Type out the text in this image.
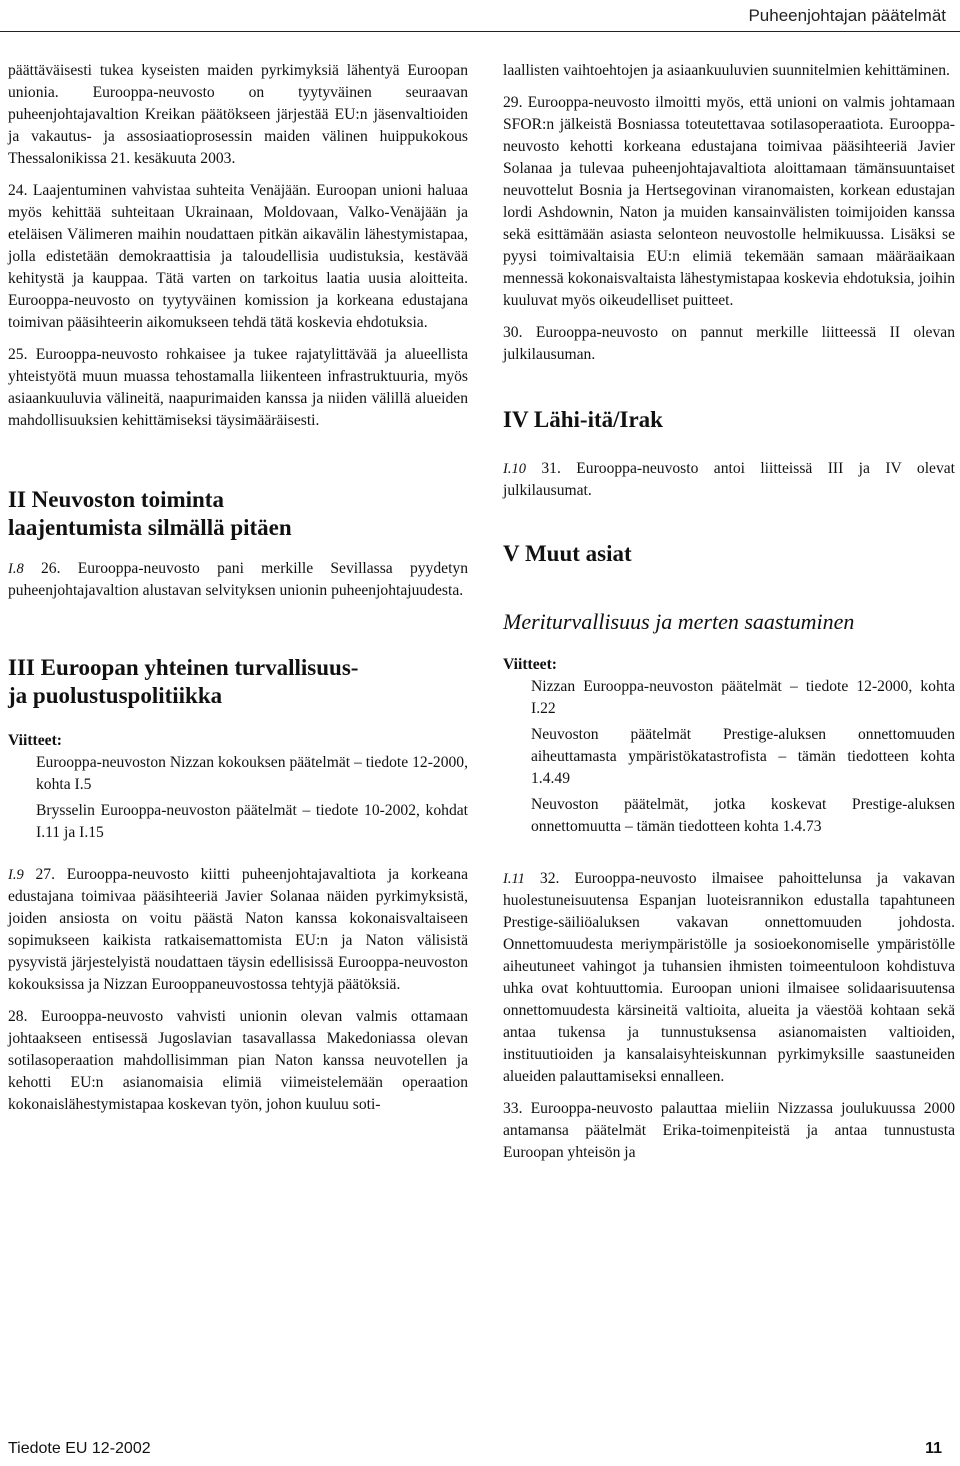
Puheenjohtajan päätelmät

päättäväisesti tukea kyseisten maiden pyrkimyksiä lähentyä Euroopan unionia. Eurooppa-neuvosto on tyytyväinen seuraavan puheenjohtajavaltion Kreikan päätökseen järjestää EU:n jäsenvaltioiden ja vakautus- ja assosiaatioprosessin maiden välinen huippukokous Thessalonikissa 21. kesäkuuta 2003.

24. Laajentuminen vahvistaa suhteita Venäjään. Euroopan unioni haluaa myös kehittää suhteitaan Ukrainaan, Moldovaan, Valko-Venäjään ja eteläisen Välimeren maihin noudattaen pitkän aikavälin lähestymistapaa, jolla edistetään demokraattisia ja taloudellisia uudistuksia, kestävää kehitystä ja kauppaa. Tätä varten on tarkoitus laatia uusia aloitteita. Eurooppa-neuvosto on tyytyväinen komission ja korkeana edustajana toimivan pääsihteerin aikomukseen tehdä tätä koskevia ehdotuksia.

25. Eurooppa-neuvosto rohkaisee ja tukee rajatylittävää ja alueellista yhteistyötä muun muassa tehostamalla liikenteen infrastruktuuria, myös asiaankuuluvia välineitä, naapurimaiden kanssa ja niiden välillä alueiden mahdollisuuksien kehittämiseksi täysimääräisesti.

II Neuvoston toiminta
laajentumista silmällä pitäen

I.8 26. Eurooppa-neuvosto pani merkille Sevillassa pyydetyn puheenjohtajavaltion alustavan selvityksen unionin puheenjohtajuudesta.

III Euroopan yhteinen turvallisuus-
ja puolustuspolitiikka
Viitteet:

Eurooppa-neuvoston Nizzan kokouksen päätelmät – tiedote 12-2000, kohta I.5

Brysselin Eurooppa-neuvoston päätelmät – tiedote 10-2002, kohdat I.11 ja I.15

I.9 27. Eurooppa-neuvosto kiitti puheenjohtajavaltiota ja korkeana edustajana toimivaa pääsihteeriä Javier Solanaa näiden pyrkimyksistä, joiden ansiosta on voitu päästä Naton kanssa kokonaisvaltaiseen sopimukseen kaikista ratkaisemattomista EU:n ja Naton välisistä pysyvistä järjestelyistä noudattaen täysin edellisissä Eurooppa-neuvoston kokouksissa ja Nizzan Eurooppaneuvostossa tehtyjä päätöksiä.

28. Eurooppa-neuvosto vahvisti unionin olevan valmis ottamaan johtaakseen entisessä Jugoslavian tasavallassa Makedoniassa olevan sotilasoperaation mahdollisimman pian Naton kanssa neuvotellen ja kehotti EU:n asianomaisia elimiä viimeistelemään operaation kokonaislähestymistapaa koskevan työn, johon kuuluu soti-

laallisten vaihtoehtojen ja asiaankuuluvien suunnitelmien kehittäminen.

29. Eurooppa-neuvosto ilmoitti myös, että unioni on valmis johtamaan SFOR:n jälkeistä Bosniassa toteutettavaa sotilasoperaatiota. Eurooppa-neuvosto kehotti korkeana edustajana toimivaa pääsihteeriä Javier Solanaa ja tulevaa puheenjohtajavaltiota aloittamaan tämänsuuntaiset neuvottelut Bosnia ja Hertsegovinan viranomaisten, korkean edustajan lordi Ashdownin, Naton ja muiden kansainvälisten toimijoiden kanssa sekä esittämään asiasta selonteon neuvostolle helmikuussa. Lisäksi se pyysi toimivaltaisia EU:n elimiä tekemään samaan määräaikaan mennessä kokonaisvaltaista lähestymistapaa koskevia ehdotuksia, joihin kuuluvat myös oikeudelliset puitteet.

30. Eurooppa-neuvosto on pannut merkille liitteessä II olevan julkilausuman.

IV Lähi-itä/Irak

I.10 31. Eurooppa-neuvosto antoi liitteissä III ja IV olevat julkilausumat.

V Muut asiat
Meriturvallisuus ja merten saastuminen
Viitteet:

Nizzan Eurooppa-neuvoston päätelmät – tiedote 12-2000, kohta I.22

Neuvoston päätelmät Prestige-aluksen onnettomuuden aiheuttamasta ympäristökatastrofista – tämän tiedotteen kohta 1.4.49

Neuvoston päätelmät, jotka koskevat Prestige-aluksen onnettomuutta – tämän tiedotteen kohta 1.4.73

I.11 32. Eurooppa-neuvosto ilmaisee pahoittelunsa ja vakavan huolestuneisuutensa Espanjan luoteisrannikon edustalla tapahtuneen Prestige-säiliöaluksen vakavan onnettomuuden johdosta. Onnettomuudesta meriympäristölle ja sosioekonomiselle ympäristölle aiheutuneet vahingot ja tuhansien ihmisten toimeentuloon kohdistuva uhka ovat kohtuuttomia. Euroopan unioni ilmaisee solidaarisuutensa onnettomuudesta kärsineitä valtioita, alueita ja väestöä kohtaan sekä antaa tukensa ja tunnustuksensa asianomaisten valtioiden, instituutioiden ja kansalaisyhteiskunnan pyrkimyksille saastuneiden alueiden palauttamiseksi ennalleen.

33. Eurooppa-neuvosto palauttaa mieliin Nizzassa joulukuussa 2000 antamansa päätelmät Erika-toimenpiteistä ja antaa tunnustusta Euroopan yhteisön ja

Tiedote EU 12-2002	11
